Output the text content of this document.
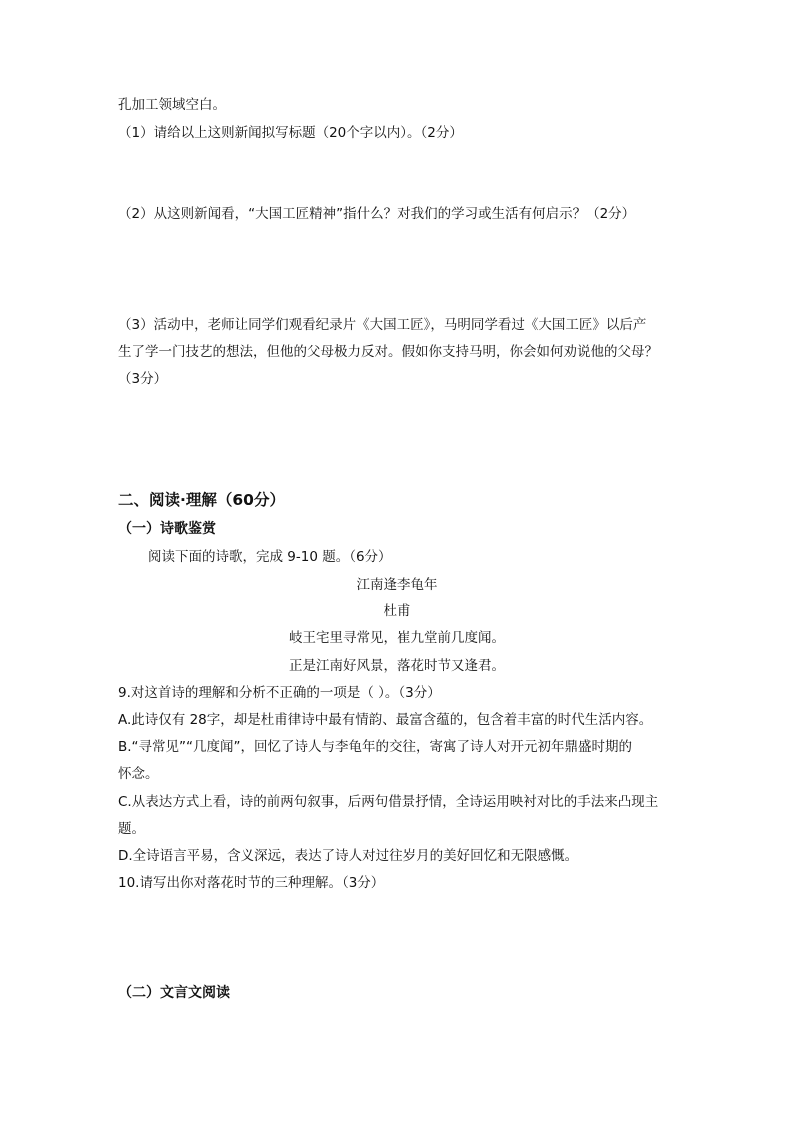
孔加工领域空白。
（1）请给以上这则新闻拟写标题（20个字以内）。（2分）
（2）从这则新闻看，“大国工匠精神”指什么？对我们的学习或生活有何启示？（2分）
（3）活动中，老师让同学们观看纪录片《大国工匠》，马明同学看过《大国工匠》以后产
生了学一门技艺的想法，但他的父母极力反对。假如你支持马明，你会如何劝说他的父母？
（3分）
二、阅读·理解（60分）
（一）诗歌鉴赏
阅读下面的诗歌，完成 9-10 题。（6分）
江南逢李龟年
杜甫
岐王宅里寻常见，崔九堂前几度闻。
正是江南好风景，落花时节又逢君。
9.对这首诗的理解和分析不正确的一项是（ ）。（3分）
A.此诗仅有 28字，却是杜甫律诗中最有情韵、最富含蕴的，包含着丰富的时代生活内容。
B.“寻常见”“几度闻”，回忆了诗人与李龟年的交往，寄寓了诗人对开元初年鼎盛时期的
怀念。
C.从表达方式上看，诗的前两句叙事，后两句借景抒情，全诗运用映衬对比的手法来凸现主
题。
D.全诗语言平易，含义深远，表达了诗人对过往岁月的美好回忆和无限感慨。
10.请写出你对落花时节的三种理解。（3分）
（二）文言文阅读
